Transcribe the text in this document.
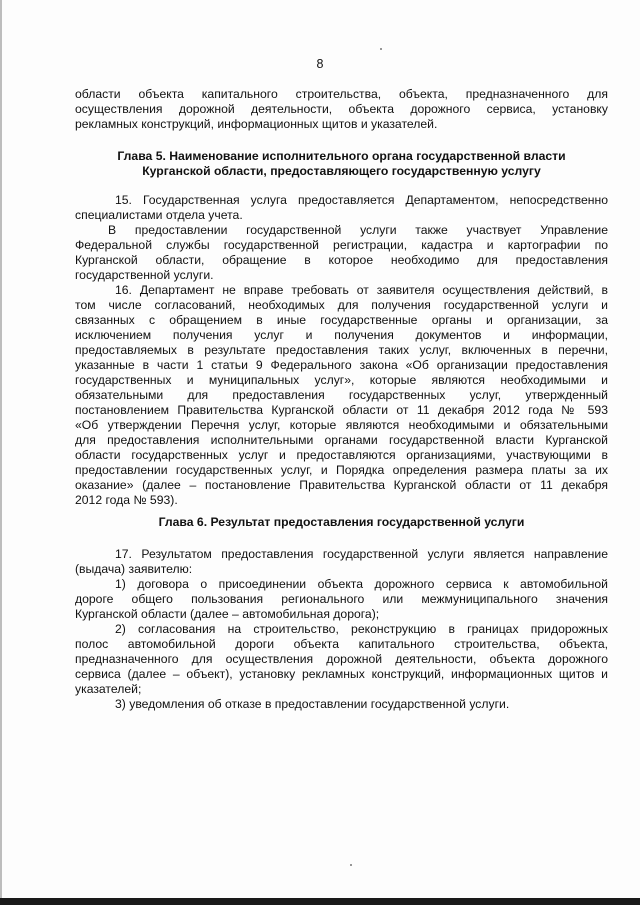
8
области объекта капитального строительства, объекта, предназначенного для
осуществления дорожной деятельности, объекта дорожного сервиса, установку
рекламных конструкций, информационных щитов и указателей.
Глава 5. Наименование исполнительного органа государственной власти
Курганской области, предоставляющего государственную услугу
15. Государственная услуга предоставляется Департаментом, непосредственно
специалистами отдела учета.
В предоставлении государственной услуги также участвует Управление
Федеральной службы государственной регистрации, кадастра и картографии по
Курганской области, обращение в которое необходимо для предоставления
государственной услуги.
16. Департамент не вправе требовать от заявителя осуществления действий, в
том числе согласований, необходимых для получения государственной услуги и
связанных с обращением в иные государственные органы и организации, за
исключением получения услуг и получения документов и информации,
предоставляемых в результате предоставления таких услуг, включенных в перечни,
указанные в части 1 статьи 9 Федерального закона «Об организации предоставления
государственных и муниципальных услуг», которые являются необходимыми и
обязательными для предоставления государственных услуг, утвержденный
постановлением Правительства Курганской области от 11 декабря 2012 года № 593
«Об утверждении Перечня услуг, которые являются необходимыми и обязательными
для предоставления исполнительными органами государственной власти Курганской
области государственных услуг и предоставляются организациями, участвующими в
предоставлении государственных услуг, и Порядка определения размера платы за их
оказание» (далее – постановление Правительства Курганской области от 11 декабря
2012 года № 593).
Глава 6. Результат предоставления государственной услуги
17. Результатом предоставления государственной услуги является направление
(выдача) заявителю:
1) договора о присоединении объекта дорожного сервиса к автомобильной
дороге общего пользования регионального или межмуниципального значения
Курганской области (далее – автомобильная дорога);
2) согласования на строительство, реконструкцию в границах придорожных
полос автомобильной дороги объекта капитального строительства, объекта,
предназначенного для осуществления дорожной деятельности, объекта дорожного
сервиса (далее – объект), установку рекламных конструкций, информационных щитов и
указателей;
3) уведомления об отказе в предоставлении государственной услуги.
